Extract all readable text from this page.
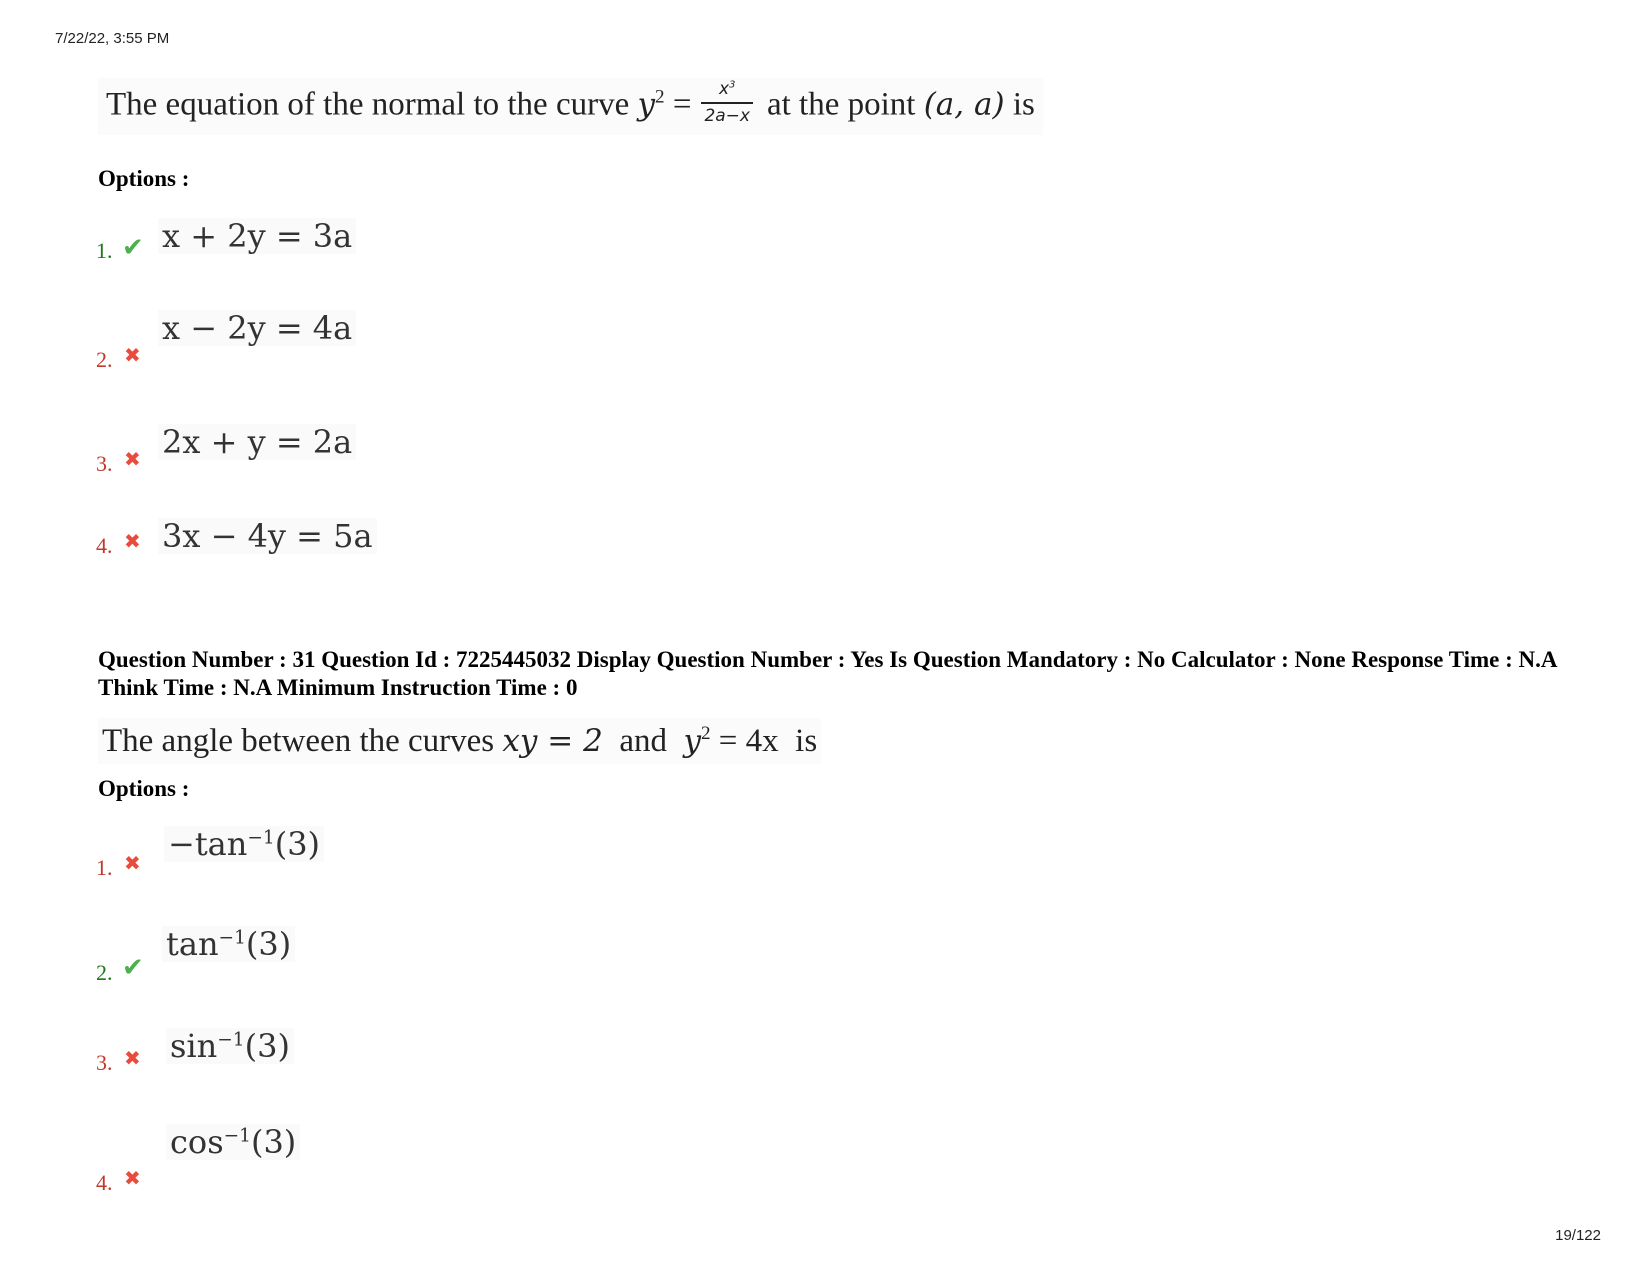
7/22/22, 3:55 PM
19/122
The equation of the normal to the curve $y^2 = \frac{x^3}{2a-x}$ at the point (a, a) is
Options :
1. ✔ x + 2y = 3a
2. ✖
x − 2y = 4a
3. ✖ 2x + y = 2a
4. ✖ 3x − 4y = 5a
Question Number : 31 Question Id : 7225445032 Display Question Number : Yes Is Question Mandatory : No Calculator : None Response Time : N.A Think Time : N.A Minimum Instruction Time : 0
The angle between the curves xy = 2  and  $y^2 = 4x$  is
Options :
1. ✖ $-\tan^{-1}(3)$
2. ✔
$\tan^{-1}(3)$
3. ✖ $\sin^{-1}(3)$
4. ✖
$\cos^{-1}(3)$
